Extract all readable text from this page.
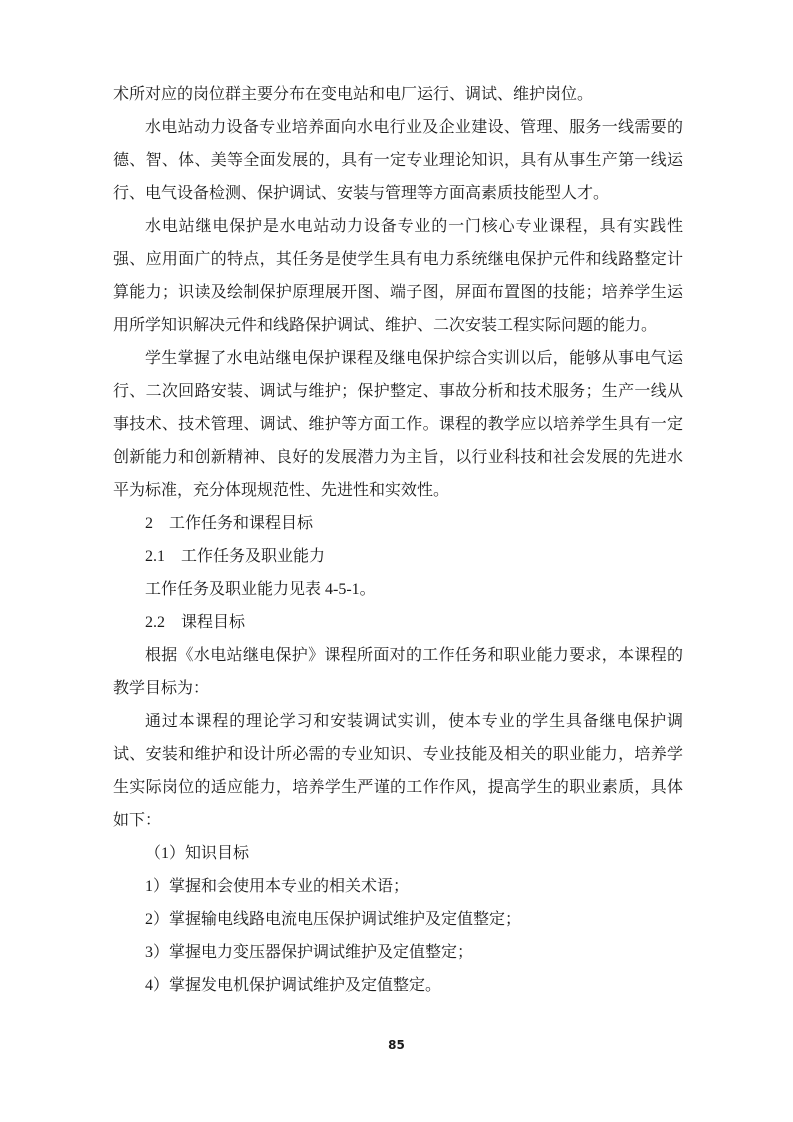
术所对应的岗位群主要分布在变电站和电厂运行、调试、维护岗位。

水电站动力设备专业培养面向水电行业及企业建设、管理、服务一线需要的德、智、体、美等全面发展的，具有一定专业理论知识，具有从事生产第一线运行、电气设备检测、保护调试、安装与管理等方面高素质技能型人才。

水电站继电保护是水电站动力设备专业的一门核心专业课程，具有实践性强、应用面广的特点，其任务是使学生具有电力系统继电保护元件和线路整定计算能力；识读及绘制保护原理展开图、端子图，屏面布置图的技能；培养学生运用所学知识解决元件和线路保护调试、维护、二次安装工程实际问题的能力。

学生掌握了水电站继电保护课程及继电保护综合实训以后，能够从事电气运行、二次回路安装、调试与维护；保护整定、事故分析和技术服务；生产一线从事技术、技术管理、调试、维护等方面工作。课程的教学应以培养学生具有一定创新能力和创新精神、良好的发展潜力为主旨，以行业科技和社会发展的先进水平为标准，充分体现规范性、先进性和实效性。

2　工作任务和课程目标

2.1　工作任务及职业能力

工作任务及职业能力见表 4-5-1。

2.2　课程目标

根据《水电站继电保护》课程所面对的工作任务和职业能力要求，本课程的教学目标为：

通过本课程的理论学习和安装调试实训，使本专业的学生具备继电保护调试、安装和维护和设计所必需的专业知识、专业技能及相关的职业能力，培养学生实际岗位的适应能力，培养学生严谨的工作作风，提高学生的职业素质，具体如下：

（1）知识目标

1）掌握和会使用本专业的相关术语；

2）掌握输电线路电流电压保护调试维护及定值整定；

3）掌握电力变压器保护调试维护及定值整定；

4）掌握发电机保护调试维护及定值整定。

85
